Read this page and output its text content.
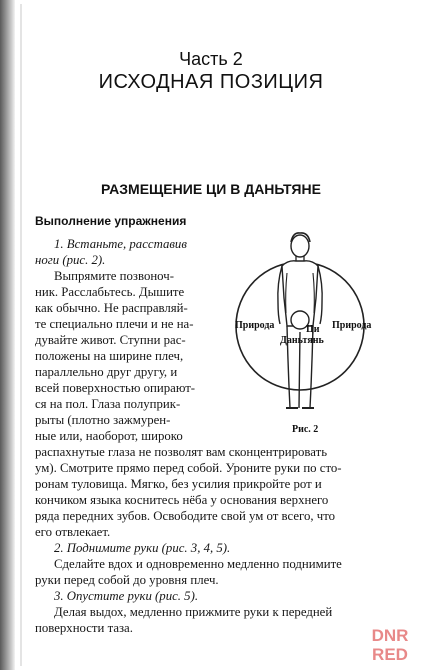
Часть 2
ИСХОДНАЯ ПОЗИЦИЯ
РАЗМЕЩЕНИЕ ЦИ В ДАНЬТЯНЕ
Выполнение упражнения
1. Встаньте, расставив
ноги (рис. 2).
Выпрямите позвоноч-
ник. Расслабьтесь. Дышите
как обычно. Не расправляй-
те специально плечи и не на-
дувайте живот. Ступни рас-
положены на ширине плеч,
параллельно друг другу, и
всей поверхностью опирают-
ся на пол. Глаза полуприк-
рыты (плотно зажмурен-
ные или, наоборот, широко
распахнутые глаза не позволят вам сконцентрировать
ум). Смотрите прямо перед собой. Уроните руки по сто-
ронам туловища. Мягко, без усилия прикройте рот и
кончиком языка коснитесь нёба у основания верхнего
ряда передних зубов. Освободите свой ум от всего, что
его отвлекает.
2. Поднимите руки (рис. 3, 4, 5).
Сделайте вдох и одновременно медленно поднимите
руки перед собой до уровня плеч.
3. Опустите руки (рис. 5).
Делая выдох, медленно прижмите руки к передней
поверхности таза.
Природа	Природа
Ци
Даньтянь
Рис. 2
DNR
RED
